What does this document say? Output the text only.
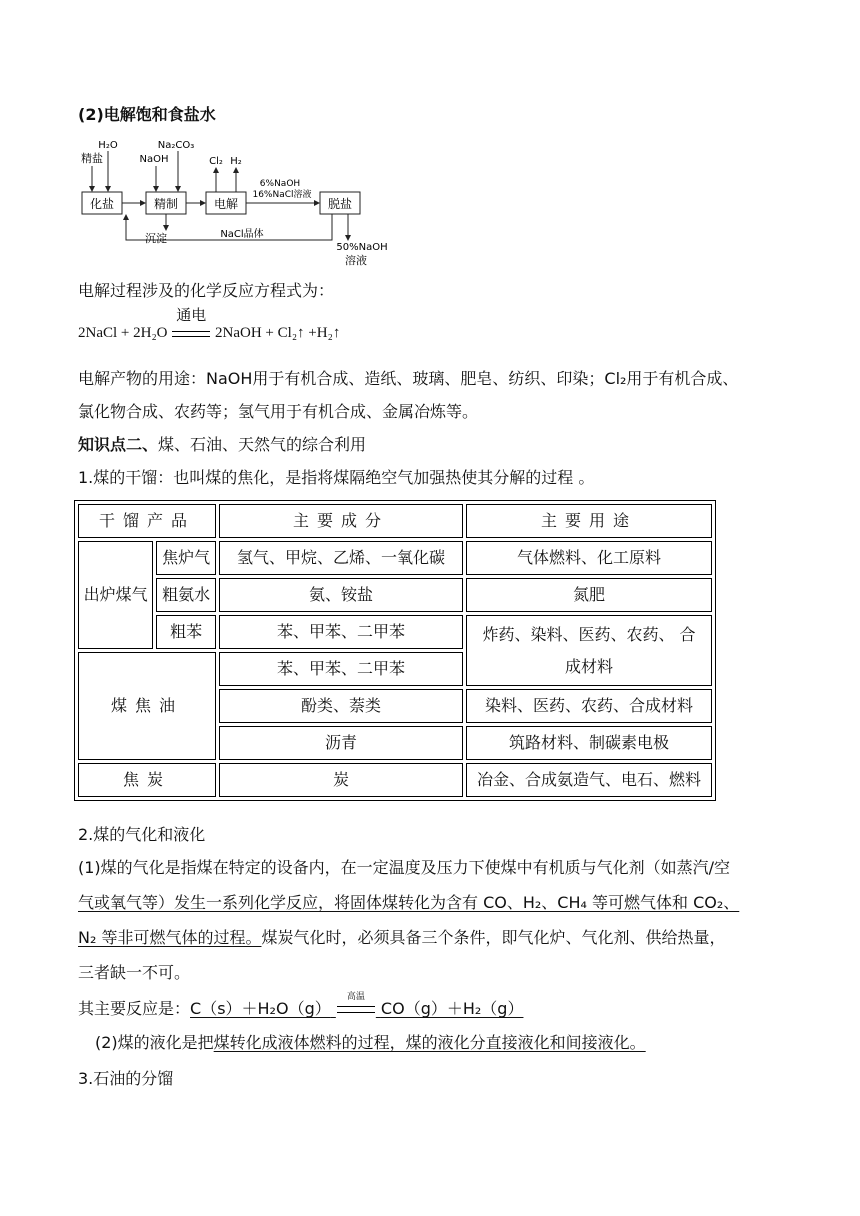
(2)电解饱和食盐水
化盐	精制	电解	脱盐
H₂O
精盐
Na₂CO₃
NaOH	Cl₂ H₂
6%NaOH
16%NaCl溶液
沉淀	NaCl晶体
50%NaOH
溶液
电解过程涉及的化学反应方程式为：
2NaCl + 2H₂O
通电
2NaOH + Cl₂↑ +H₂↑
电解产物的用途：NaOH用于有机合成、造纸、玻璃、肥皂、纺织、印染；Cl₂用于有机合成、
氯化物合成、农药等；氢气用于有机合成、金属冶炼等。
知识点二、煤、石油、天然气的综合利用
1.煤的干馏：也叫煤的焦化，是指将煤隔绝空气加强热使其分解的过程 。
干馏产品		主要成分	主要用途
出炉煤气	焦炉气	氢气、甲烷、乙烯、一氧化碳	气体燃料、化工原料
	粗氨水	氨、铵盐	氮肥
	粗苯	苯、甲苯、二甲苯	炸药、染料、医药、农药、 合
成材料

煤焦油		苯、甲苯、二甲苯	
		酚类、萘类	染料、医药、农药、合成材料
		沥青	筑路材料、制碳素电极
焦炭		炭	冶金、合成氨造气、电石、燃料
2.煤的气化和液化
(1)煤的气化是指煤在特定的设备内，在一定温度及压力下使煤中有机质与气化剂（如蒸汽/空
气或氧气等）发生一系列化学反应，将固体煤转化为含有 CO、H₂、CH₄ 等可燃气体和 CO₂、
N₂ 等非可燃气体的过程。煤炭气化时，必须具备三个条件，即气化炉、气化剂、供给热量，
三者缺一不可。
其主要反应是：C（s）＋H₂O（g）
高温
CO（g）＋H₂（g）
(2)煤的液化是把煤转化成液体燃料的过程，煤的液化分直接液化和间接液化。
3.石油的分馏
